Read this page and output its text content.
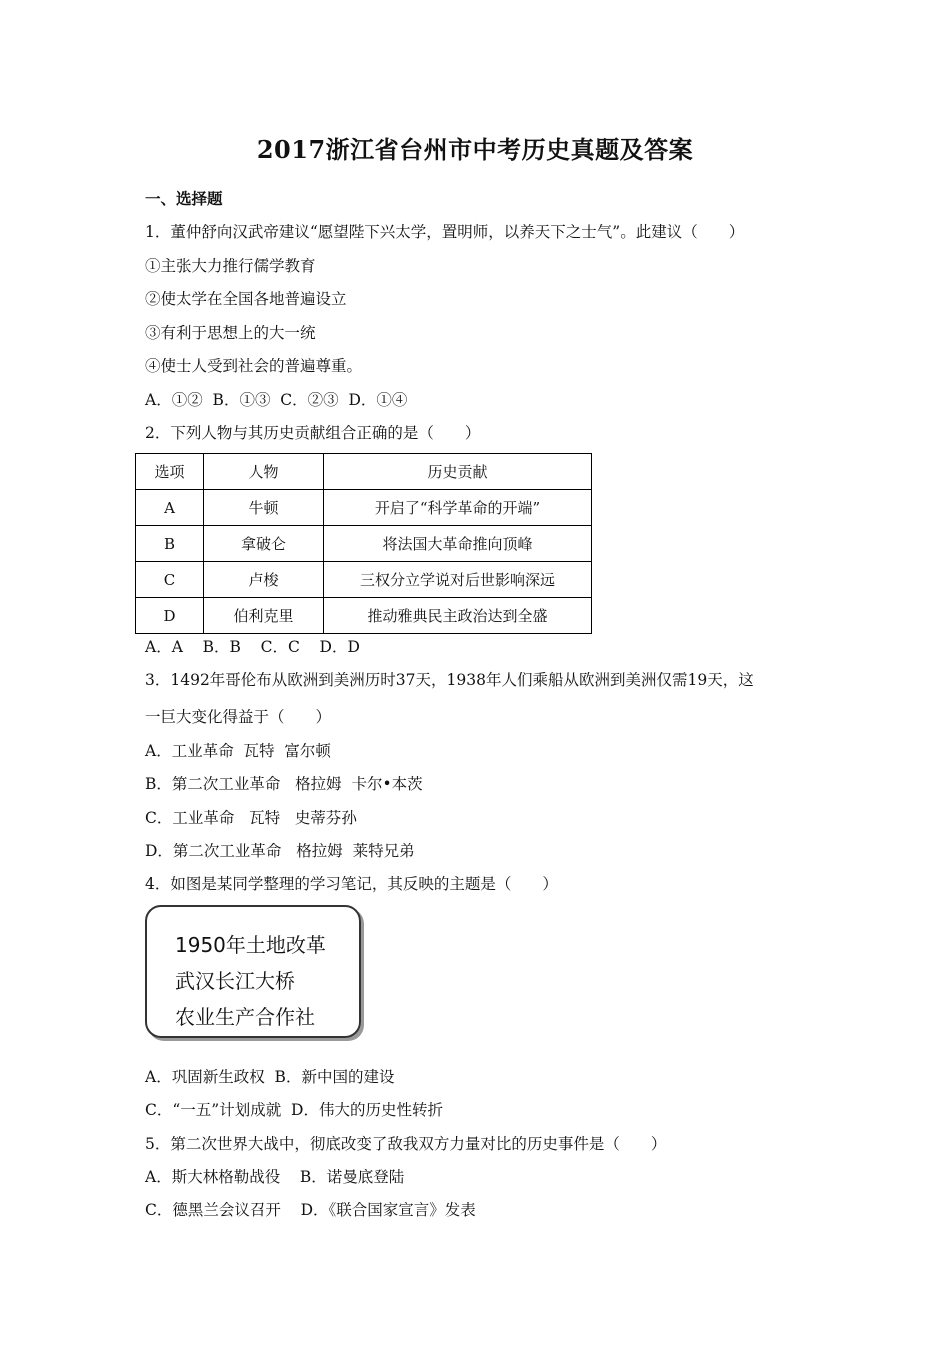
2017浙江省台州市中考历史真题及答案
一、选择题
1．董仲舒向汉武帝建议“愿望陛下兴太学，置明师，以养天下之士气”。此建议（　　）
①主张大力推行儒学教育
②使太学在全国各地普遍设立
③有利于思想上的大一统
④使士人受到社会的普遍尊重。
A．①②  B．①③  C．②③  D．①④
2．下列人物与其历史贡献组合正确的是（　　）
选项	人物	历史贡献
A	牛顿	开启了“科学革命的开端”
B	拿破仑	将法国大革命推向顶峰
C	卢梭	三权分立学说对后世影响深远
D	伯利克里	推动雅典民主政治达到全盛
A．A    B．B    C．C    D．D
3．1492年哥伦布从欧洲到美洲历时37天，1938年人们乘船从欧洲到美洲仅需19天，这
一巨大变化得益于（　　）
A．工业革命  瓦特  富尔顿
B．第二次工业革命   格拉姆  卡尔•本茨
C．工业革命   瓦特   史蒂芬孙
D．第二次工业革命   格拉姆  莱特兄弟
4．如图是某同学整理的学习笔记，其反映的主题是（　　）
1950年土地改革
武汉长江大桥
农业生产合作社
A．巩固新生政权  B．新中国的建设
C．“一五”计划成就  D．伟大的历史性转折
5．第二次世界大战中，彻底改变了敌我双方力量对比的历史事件是（　　）
A．斯大林格勒战役    B．诺曼底登陆
C．德黑兰会议召开    D．《联合国家宣言》发表
